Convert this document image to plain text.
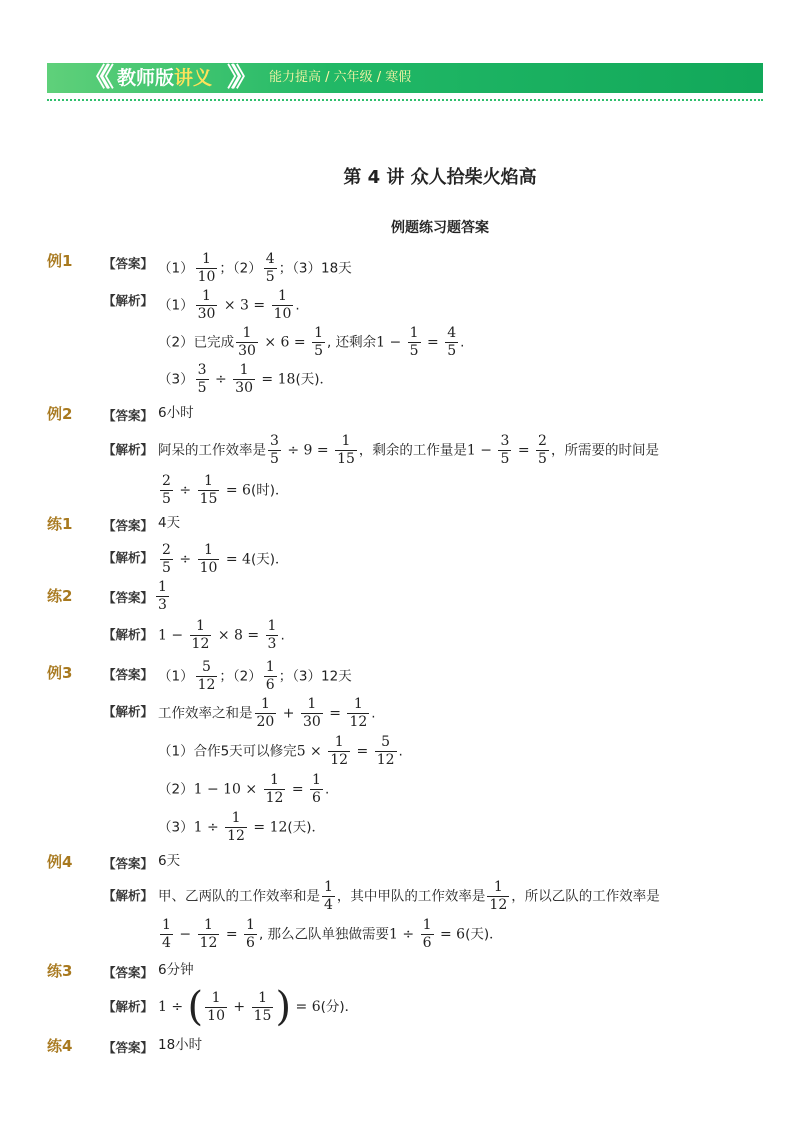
《《 教师版讲义 》》 能力提高 / 六年级 / 寒假
第 4 讲 众人拾柴火焰高
例题练习题答案
例1 【答案】 $(1) \frac{1}{10}$ ；$(2) \frac{4}{5}$ ；（3）18天
【解析】 $(1) \frac{1}{30} \times 3 = \frac{1}{10}$ .
（2）已完成 $\frac{1}{30} \times 6 = \frac{1}{5}$ , 还剩余$1 - \frac{1}{5} = \frac{4}{5}$ .
$(3) \frac{3}{5} \div \frac{1}{30} = 18$(天)．
例2 【答案】 6小时
【解析】 阿呆的工作效率是 $\frac{3}{5} \div 9 = \frac{1}{15}$ ，剩余的工作量是$1 - \frac{3}{5} = \frac{2}{5}$ ，所需要的时间是
$\frac{2}{5} \div \frac{1}{15} = 6$(时)．
练1 【答案】 4天
【解析】 $\frac{2}{5} \div \frac{1}{10} = 4$(天)．
练2 【答案】 $\frac{1}{3}$
【解析】 $1 - \frac{1}{12} \times 8 = \frac{1}{3}$ .
例3 【答案】 $(1) \frac{5}{12}$ ；$(2) \frac{1}{6}$ ；（3）12天
【解析】 工作效率之和是 $\frac{1}{20} + \frac{1}{30} = \frac{1}{12}$ .
（1）合作5天可以修完$5 \times \frac{1}{12} = \frac{5}{12}$ .
$(2)1 - 10 \times \frac{1}{12} = \frac{1}{6}$ .
$(3)1 \div \frac{1}{12} = 12$(天)．
例4 【答案】 6天
【解析】 甲、乙两队的工作效率和是 $\frac{1}{4}$ ，其中甲队的工作效率是 $\frac{1}{12}$ ，所以乙队的工作效率是
$\frac{1}{4} - \frac{1}{12} = \frac{1}{6}$ , 那么乙队单独做需要$1 \div \frac{1}{6} = 6$(天)．
练3 【答案】 6分钟
【解析】 1 ÷ ( $\frac{1}{10} + \frac{1}{15}$ ) = 6(分)．
练4 【答案】 18小时
